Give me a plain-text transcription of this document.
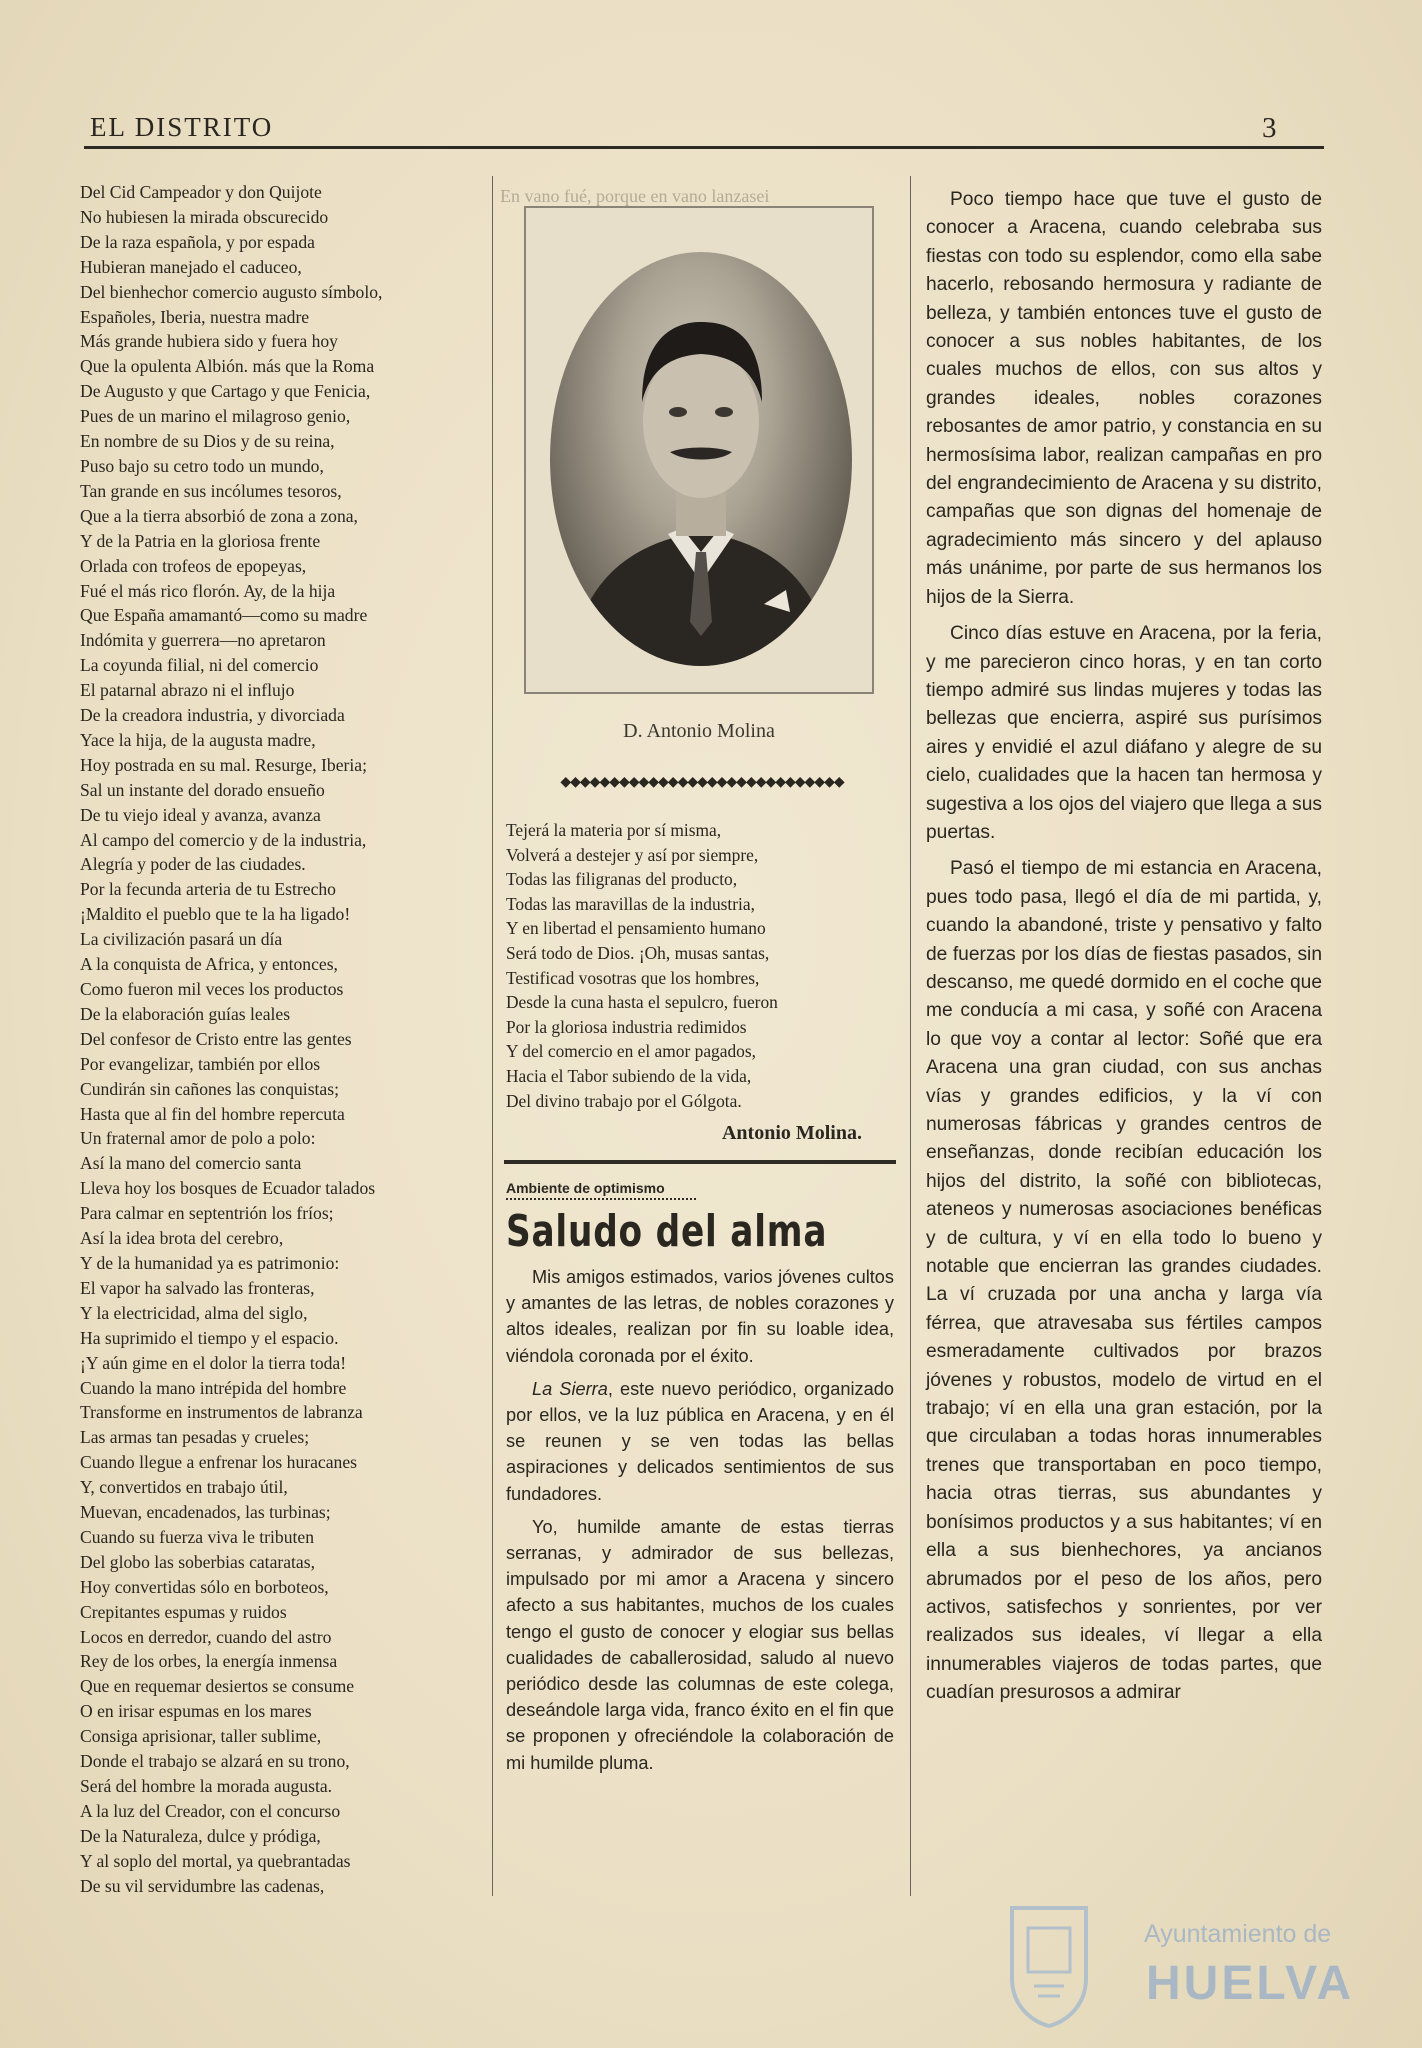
EL DISTRITO	3
Del Cid Campeador y don Quijote
No hubiesen la mirada obscurecido
De la raza española, y por espada
Hubieran manejado el caduceo,
Del bienhechor comercio augusto símbolo,
Españoles, Iberia, nuestra madre
Más grande hubiera sido y fuera hoy
Que la opulenta Albión. más que la Roma
De Augusto y que Cartago y que Fenicia,
Pues de un marino el milagroso genio,
En nombre de su Dios y de su reina,
Puso bajo su cetro todo un mundo,
Tan grande en sus incólumes tesoros,
Que a la tierra absorbió de zona a zona,
Y de la Patria en la gloriosa frente
Orlada con trofeos de epopeyas,
Fué el más rico florón. Ay, de la hija
Que España amamantó—como su madre
Indómita y guerrera—no apretaron
La coyunda filial, ni del comercio
El patarnal abrazo ni el influjo
De la creadora industria, y divorciada
Yace la hija, de la augusta madre,
Hoy postrada en su mal. Resurge, Iberia;
Sal un instante del dorado ensueño
De tu viejo ideal y avanza, avanza
Al campo del comercio y de la industria,
Alegría y poder de las ciudades.
Por la fecunda arteria de tu Estrecho
¡Maldito el pueblo que te la ha ligado!
La civilización pasará un día
A la conquista de Africa, y entonces,
Como fueron mil veces los productos
De la elaboración guías leales
Del confesor de Cristo entre las gentes
Por evangelizar, también por ellos
Cundirán sin cañones las conquistas;
Hasta que al fin del hombre repercuta
Un fraternal amor de polo a polo:
Así la mano del comercio santa
Lleva hoy los bosques de Ecuador talados
Para calmar en septentrión los fríos;
Así la idea brota del cerebro,
Y de la humanidad ya es patrimonio:
El vapor ha salvado las fronteras,
Y la electricidad, alma del siglo,
Ha suprimido el tiempo y el espacio.
¡Y aún gime en el dolor la tierra toda!
Cuando la mano intrépida del hombre
Transforme en instrumentos de labranza
Las armas tan pesadas y crueles;
Cuando llegue a enfrenar los huracanes
Y, convertidos en trabajo útil,
Muevan, encadenados, las turbinas;
Cuando su fuerza viva le tributen
Del globo las soberbias cataratas,
Hoy convertidas sólo en borboteos,
Crepitantes espumas y ruidos
Locos en derredor, cuando del astro
Rey de los orbes, la energía inmensa
Que en requemar desiertos se consume
O en irisar espumas en los mares
Consiga aprisionar, taller sublime,
Donde el trabajo se alzará en su trono,
Será del hombre la morada augusta.
A la luz del Creador, con el concurso
De la Naturaleza, dulce y pródiga,
Y al soplo del mortal, ya quebrantadas
De su vil servidumbre las cadenas,
En vano fué, porque en vano lanzasei
D. Antonio Molina
◆◆◆◆◆◆◆◆◆◆◆◆◆◆◆◆◆◆◆◆◆◆◆◆◆◆◆◆◆
Tejerá la materia por sí misma,
Volverá a destejer y así por siempre,
Todas las filigranas del producto,
Todas las maravillas de la industria,
Y en libertad el pensamiento humano
Será todo de Dios. ¡Oh, musas santas,
Testificad vosotras que los hombres,
Desde la cuna hasta el sepulcro, fueron
Por la gloriosa industria redimidos
Y del comercio en el amor pagados,
Hacia el Tabor subiendo de la vida,
Del divino trabajo por el Gólgota.
Antonio Molina.
Ambiente de optimismo
Saludo del alma

Mis amigos estimados, varios jóvenes cultos y amantes de las letras, de nobles corazones y altos ideales, realizan por fin su loable idea, viéndola coronada por el éxito.

La Sierra, este nuevo periódico, organizado por ellos, ve la luz pública en Aracena, y en él se reunen y se ven todas las bellas aspiraciones y delicados sentimientos de sus fundadores.

Yo, humilde amante de estas tierras serranas, y admirador de sus bellezas, impulsado por mi amor a Aracena y sincero afecto a sus habitantes, muchos de los cuales tengo el gusto de conocer y elogiar sus bellas cualidades de caballerosidad, saludo al nuevo periódico desde las columnas de este colega, deseándole larga vida, franco éxito en el fin que se proponen y ofreciéndole la colaboración de mi humilde pluma.

Poco tiempo hace que tuve el gusto de conocer a Aracena, cuando celebraba sus fiestas con todo su esplendor, como ella sabe hacerlo, rebosando hermosura y radiante de belleza, y también entonces tuve el gusto de conocer a sus nobles habitantes, de los cuales muchos de ellos, con sus altos y grandes ideales, nobles corazones rebosantes de amor patrio, y constancia en su hermosísima labor, realizan campañas en pro del engrandecimiento de Aracena y su distrito, campañas que son dignas del homenaje de agradecimiento más sincero y del aplauso más unánime, por parte de sus hermanos los hijos de la Sierra.

Cinco días estuve en Aracena, por la feria, y me parecieron cinco horas, y en tan corto tiempo admiré sus lindas mujeres y todas las bellezas que encierra, aspiré sus purísimos aires y envidié el azul diáfano y alegre de su cielo, cualidades que la hacen tan hermosa y sugestiva a los ojos del viajero que llega a sus puertas.

Pasó el tiempo de mi estancia en Aracena, pues todo pasa, llegó el día de mi partida, y, cuando la abandoné, triste y pensativo y falto de fuerzas por los días de fiestas pasados, sin descanso, me quedé dormido en el coche que me conducía a mi casa, y soñé con Aracena lo que voy a contar al lector: Soñé que era Aracena una gran ciudad, con sus anchas vías y grandes edificios, y la ví con numerosas fábricas y grandes centros de enseñanzas, donde recibían educación los hijos del distrito, la soñé con bibliotecas, ateneos y numerosas asociaciones benéficas y de cultura, y ví en ella todo lo bueno y notable que encierran las grandes ciudades. La ví cruzada por una ancha y larga vía férrea, que atravesaba sus fértiles campos esmeradamente cultivados por brazos jóvenes y robustos, modelo de virtud en el trabajo; ví en ella una gran estación, por la que circulaban a todas horas innumerables trenes que transportaban en poco tiempo, hacia otras tierras, sus abundantes y bonísimos productos y a sus habitantes; ví en ella a sus bienhechores, ya ancianos abrumados por el peso de los años, pero activos, satisfechos y sonrientes, por ver realizados sus ideales, ví llegar a ella innumerables viajeros de todas partes, que cuadían presurosos a admirar

Ayuntamiento de
HUELVA
